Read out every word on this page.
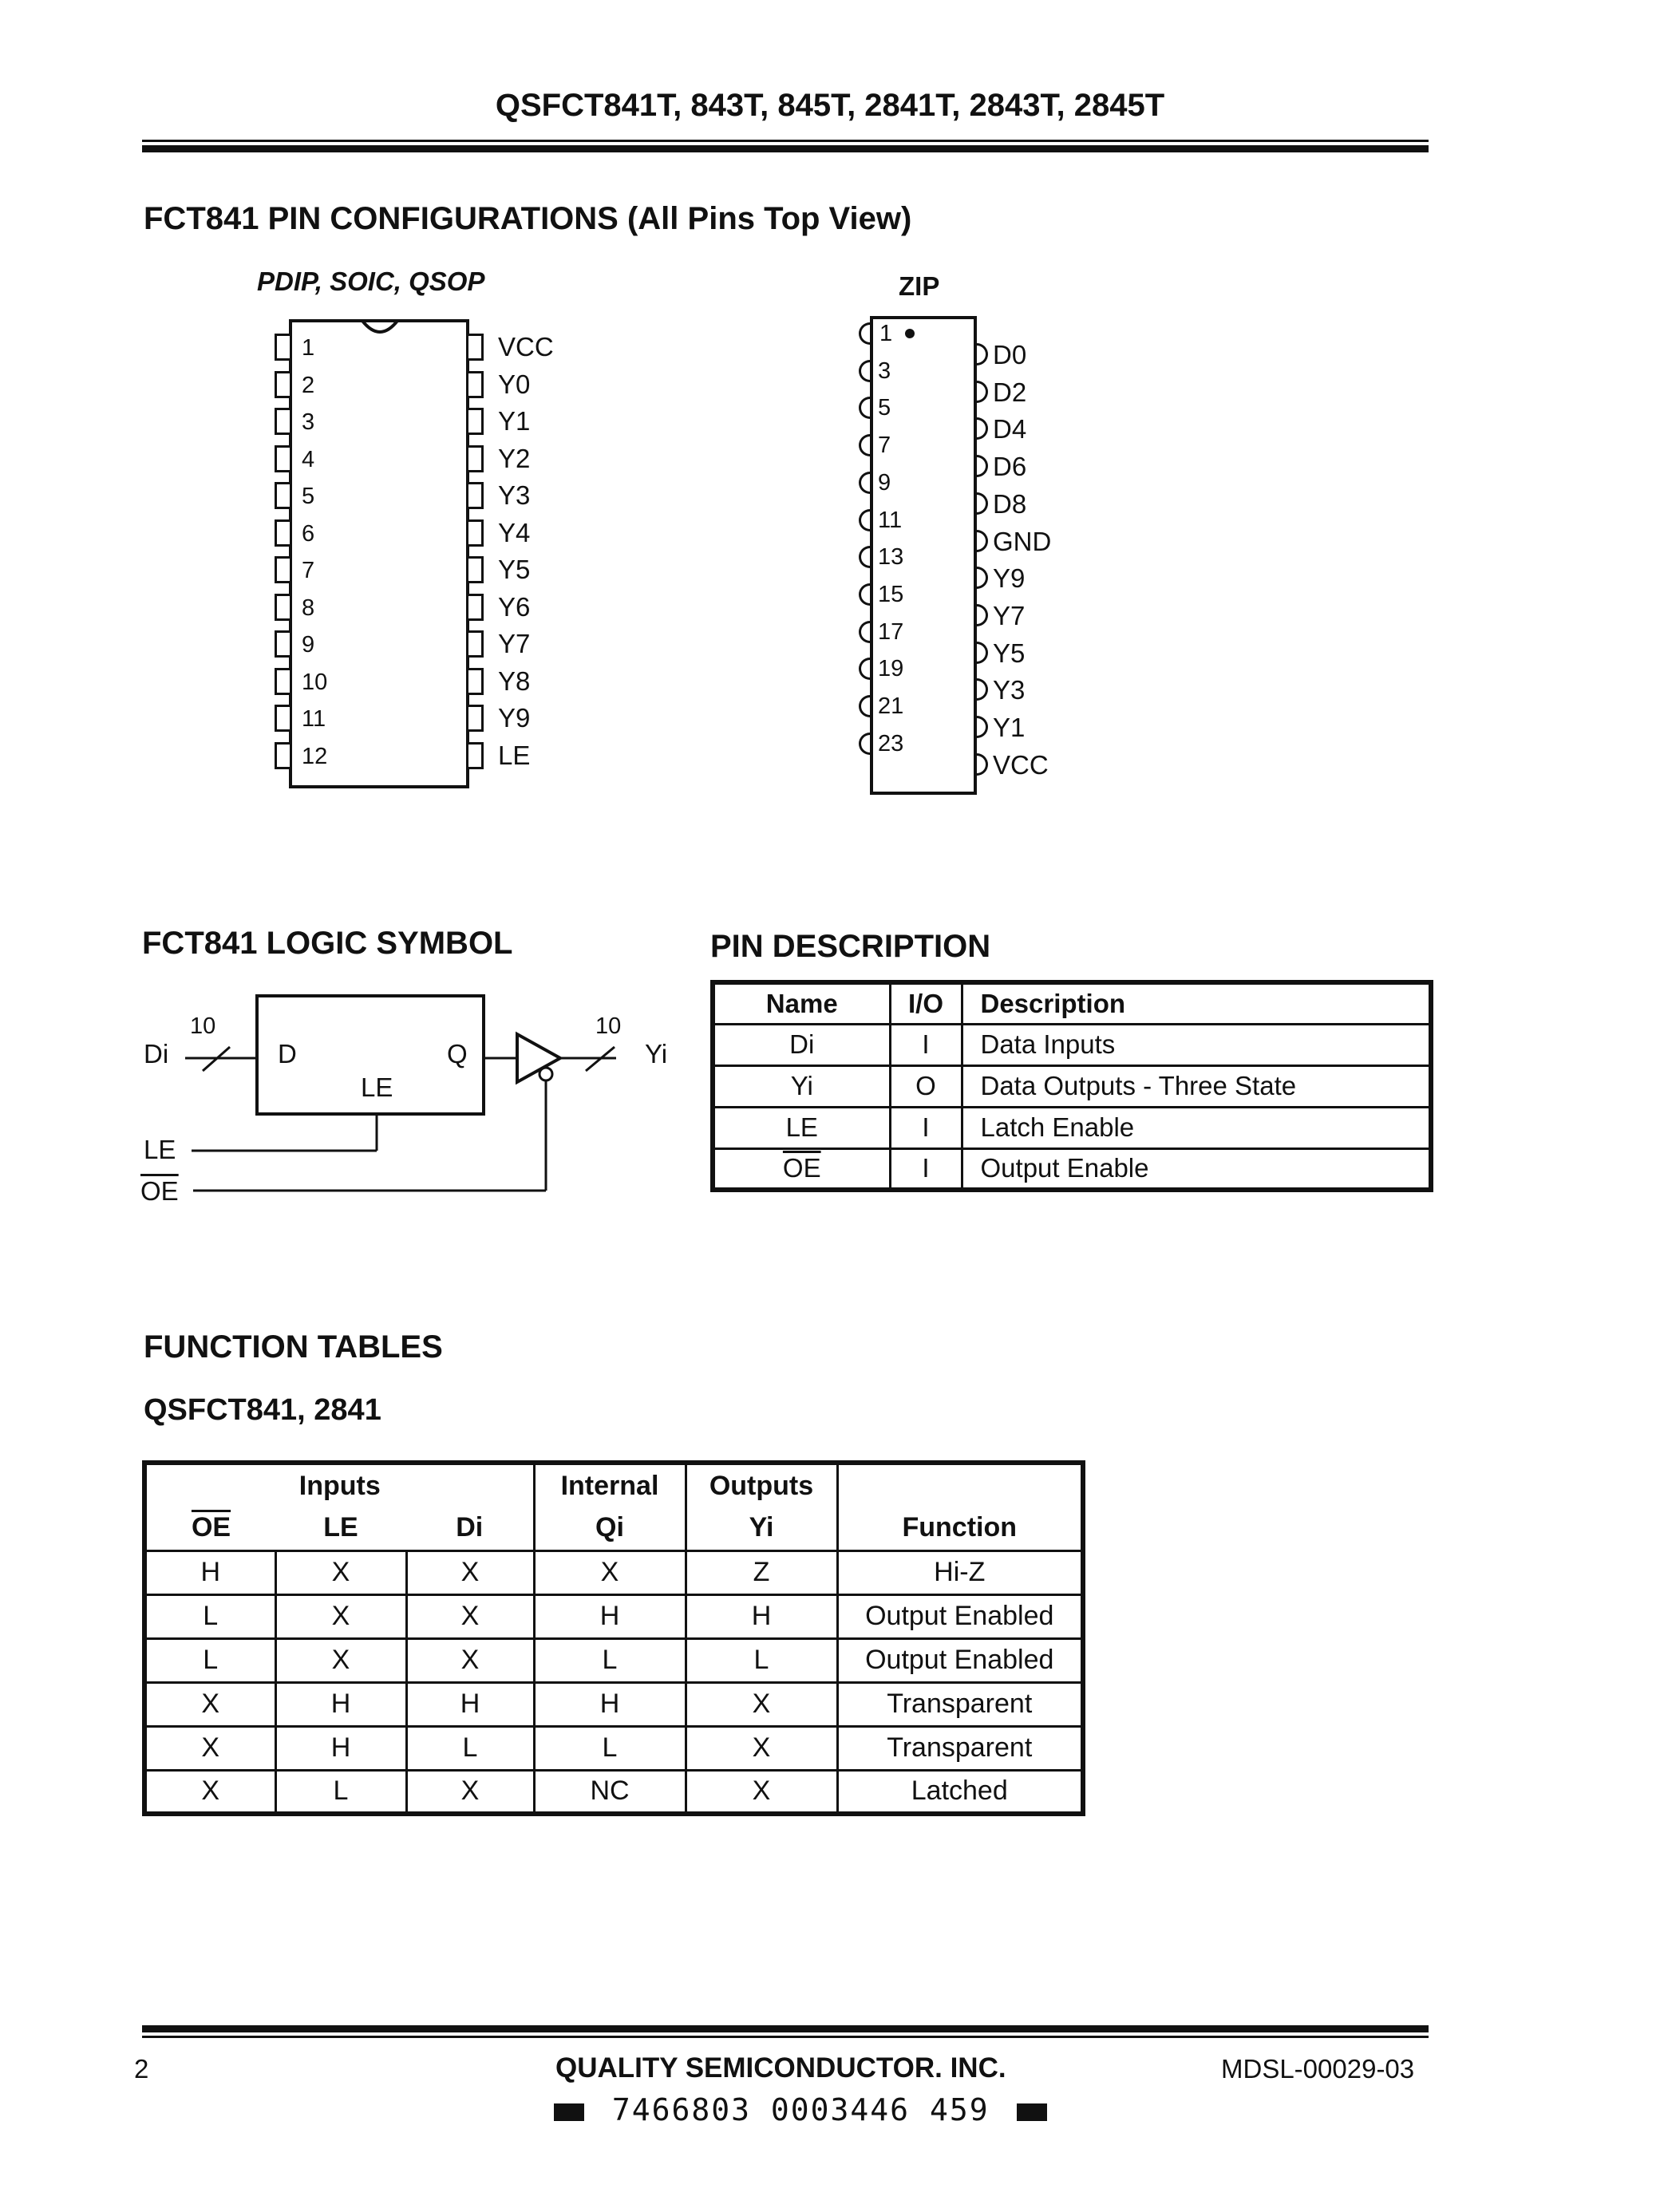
QSFCT841T, 843T, 845T, 2841T, 2843T, 2845T
FCT841 PIN CONFIGURATIONS (All Pins Top View)
PDIP, SOIC, QSOP
1
2
3
4
5
6
7
8
9
10
11
12
VCC
Y0
Y1
Y2
Y3
Y4
Y5
Y6
Y7
Y8
Y9
LE
ZIP
1
3
5
7
9
11
13
15
17
19
21
23
D0
D2
D4
D6
D8
GND
Y9
Y7
Y5
Y3
Y1
VCC
FCT841 LOGIC SYMBOL
Di
10
D	Q
LE
10
Yi
LE
$\overline{OE}$
PIN DESCRIPTION
Name	I/O	Description
Di	I	Data Inputs
Yi	O	Data Outputs - Three State
LE	I	Latch Enable
$\overline{OE}$	I	Output Enable
FUNCTION TABLES
QSFCT841, 2841
Inputs			Internal	Outputs	
$\overline{OE}$	LE	Di	Qi	Yi	Function
H	X	X	X	Z	Hi-Z
L	X	X	H	H	Output Enabled
L	X	X	L	L	Output Enabled
X	H	H	H	X	Transparent
X	H	L	L	X	Transparent
X	L	X	NC	X	Latched
2	QUALITY SEMICONDUCTOR. INC.	MDSL-00029-03
7466803 0003446 459
